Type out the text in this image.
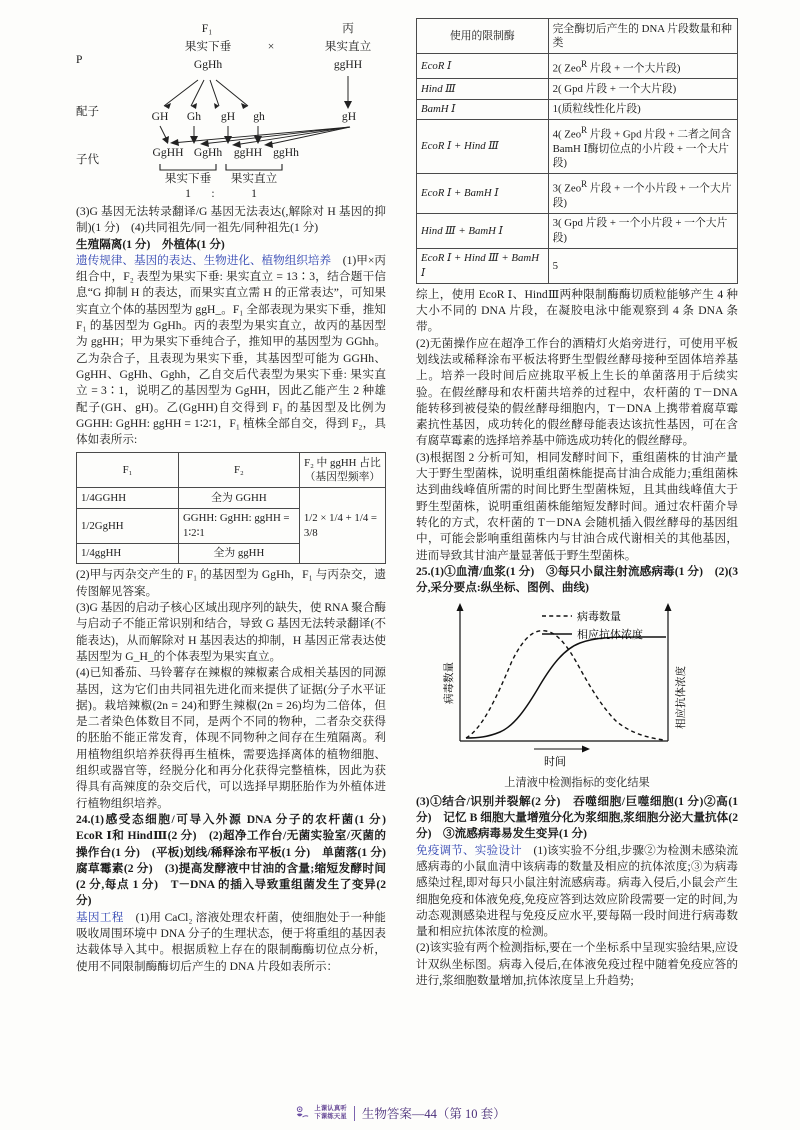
P
配子
子代
F₁
果实下垂
GgHh
×
丙
果实直立
ggHH
GH	Gh	gH	gh	gH
GgHH GgHh	ggHH ggHh
果实下垂	果实直立
1	:	1

(3)G 基因无法转录翻译/G 基因无法表达(,解除对 H 基因的抑制)(1 分)　(4)共同祖先/同一祖先/同种祖先(1 分)

生殖隔离(1 分)　外植体(1 分)

遗传规律、基因的表达、生物进化、植物组织培养　(1)甲×丙组合中，F₂ 表型为果实下垂: 果实直立 = 13∶3，结合题干信息“G 抑制 H 的表达，而果实直立需 H 的正常表达”，可知果实直立个体的基因型为 ggH_。F₁ 全部表现为果实下垂，推知 F₁ 的基因型为 GgHh。丙的表型为果实直立，故丙的基因型为 ggHH；甲为果实下垂纯合子，推知甲的基因型为 GGhh。乙为杂合子，且表现为果实下垂，其基因型可能为 GGHh、GgHH、GgHh、Gghh，乙自交后代表型为果实下垂: 果实直立 = 3∶1，说明乙的基因型为 GgHH，因此乙能产生 2 种雄配子(GH、gH)。乙(GgHH)自交得到 F₁ 的基因型及比例为 GGHH: GgHH: ggHH = 1∶2∶1，F₁ 植株全部自交，得到 F₂，具体如表所示:

F₁	F₂	F₂ 中 ggHH 占比
（基因型频率）
1/4GGHH	全为 GGHH	1/2 × 1/4 + 1/4 = 3/8
1/2GgHH	GGHH: GgHH: ggHH = 1∶2∶1	
1/4ggHH	全为 ggHH	

(2)甲与丙杂交产生的 F₁ 的基因型为 GgHh，F₁ 与丙杂交，遗传图解见答案。

(3)G 基因的启动子核心区域出现序列的缺失，使 RNA 聚合酶与启动子不能正常识别和结合，导致 G 基因无法转录翻译(不能表达)，从而解除对 H 基因表达的抑制，H 基因正常表达使基因型为 G_H_的个体表型为果实直立。

(4)已知番茄、马铃薯存在辣椒的辣椒素合成相关基因的同源基因，这为它们由共同祖先进化而来提供了证据(分子水平证据)。栽培辣椒(2n = 24)和野生辣椒(2n = 26)均为二倍体，但是二者染色体数目不同，是两个不同的物种，二者杂交获得的胚胎不能正常发育，体现不同物种之间存在生殖隔离。利用植物组织培养获得再生植株，需要选择离体的植物细胞、组织或器官等，经脱分化和再分化获得完整植株，因此为获得具有高辣度的杂交后代，可以选择早期胚胎作为外植体进行植物组织培养。

24.(1)感受态细胞/可导入外源 DNA 分子的农杆菌(1 分)　EcoR Ⅰ和 HindⅢ(2 分)　(2)超净工作台/无菌实验室/灭菌的操作台(1 分)　(平板)划线/稀释涂布平板(1 分)　单菌落(1 分)　腐草霉素(2 分)　(3)提高发酵液中甘油的含量;缩短发酵时间(2 分,每点 1 分)　T－DNA 的插入导致重组菌发生了变异(2 分)

基因工程　(1)用 CaCl₂ 溶液处理农杆菌，使细胞处于一种能吸收周围环境中 DNA 分子的生理状态，便于将重组的基因表达载体导入其中。根据质粒上存在的限制酶酶切位点分析，使用不同限制酶酶切后产生的 DNA 片段如表所示：

使用的限制酶	完全酶切后产生的 DNA 片段数量和种类
EcoR Ⅰ	2( Zeo$^R$ 片段 + 一个大片段)
Hind Ⅲ	2( Gpd 片段 + 一个大片段)
BamH Ⅰ	1(质粒线性化片段)
EcoR Ⅰ + Hind Ⅲ	4( Zeo$^R$ 片段 + Gpd 片段 + 二者之间含 BamH Ⅰ酶切位点的小片段 + 一个大片段)
EcoR Ⅰ + BamH Ⅰ	3( Zeo$^R$ 片段 + 一个小片段 + 一个大片段)
Hind Ⅲ + BamH Ⅰ	3( Gpd 片段 + 一个小片段 + 一个大片段)
EcoR Ⅰ + Hind Ⅲ + BamH Ⅰ	5

综上，使用 EcoR Ⅰ、HindⅢ两种限制酶酶切质粒能够产生 4 种大小不同的 DNA 片段，在凝胶电泳中能观察到 4 条 DNA 条带。

(2)无菌操作应在超净工作台的酒精灯火焰旁进行，可使用平板划线法或稀释涂布平板法将野生型假丝酵母接种至固体培养基上。培养一段时间后应挑取平板上生长的单菌落用于后续实验。在假丝酵母和农杆菌共培养的过程中，农杆菌的 T－DNA 能转移到被侵染的假丝酵母细胞内，T－DNA 上携带着腐草霉素抗性基因，成功转化的假丝酵母能表达该抗性基因，可在含有腐草霉素的选择培养基中筛选成功转化的假丝酵母。

(3)根据图 2 分析可知，相同发酵时间下，重组菌株的甘油产量大于野生型菌株，说明重组菌株能提高甘油合成能力;重组菌株达到曲线峰值所需的时间比野生型菌株短，且其曲线峰值大于野生型菌株，说明重组菌株能缩短发酵时间。通过农杆菌介导转化的方式，农杆菌的 T－DNA 会随机插入假丝酵母的基因组中，可能会影响重组菌株内与甘油合成代谢相关的其他基因，进而导致其甘油产量显著低于野生型菌株。

25.(1)①血清/血浆(1 分)　③每只小鼠注射流感病毒(1 分)　(2)(3 分,采分要点:纵坐标、图例、曲线)

病毒数量	相应抗体浓度
病毒数量
相应抗体浓度
时间

上清液中检测指标的变化结果

(3)①结合/识别并裂解(2 分)　吞噬细胞/巨噬细胞(1 分)②高(1 分)　记忆 B 细胞大量增殖分化为浆细胞,浆细胞分泌大量抗体(2 分)　③流感病毒易发生变异(1 分)

免疫调节、实验设计　(1)该实验不分组,步骤②为检测未感染流感病毒的小鼠血清中该病毒的数量及相应的抗体浓度;③为病毒感染过程,即对每只小鼠注射流感病毒。病毒入侵后,小鼠会产生细胞免疫和体液免疫,免疫应答到达效应阶段需要一定的时间,为动态观测感染进程与免疫反应水平,要每隔一段时间进行病毒数量和相应抗体浓度的检测。

(2)该实验有两个检测指标,要在一个坐标系中呈现实验结果,应设计双纵坐标图。病毒入侵后,在体液免疫过程中随着免疫应答的进行,浆细胞数量增加,抗体浓度呈上升趋势;

上课认真听
下课练天星 生物答案—44（第 10 套）
